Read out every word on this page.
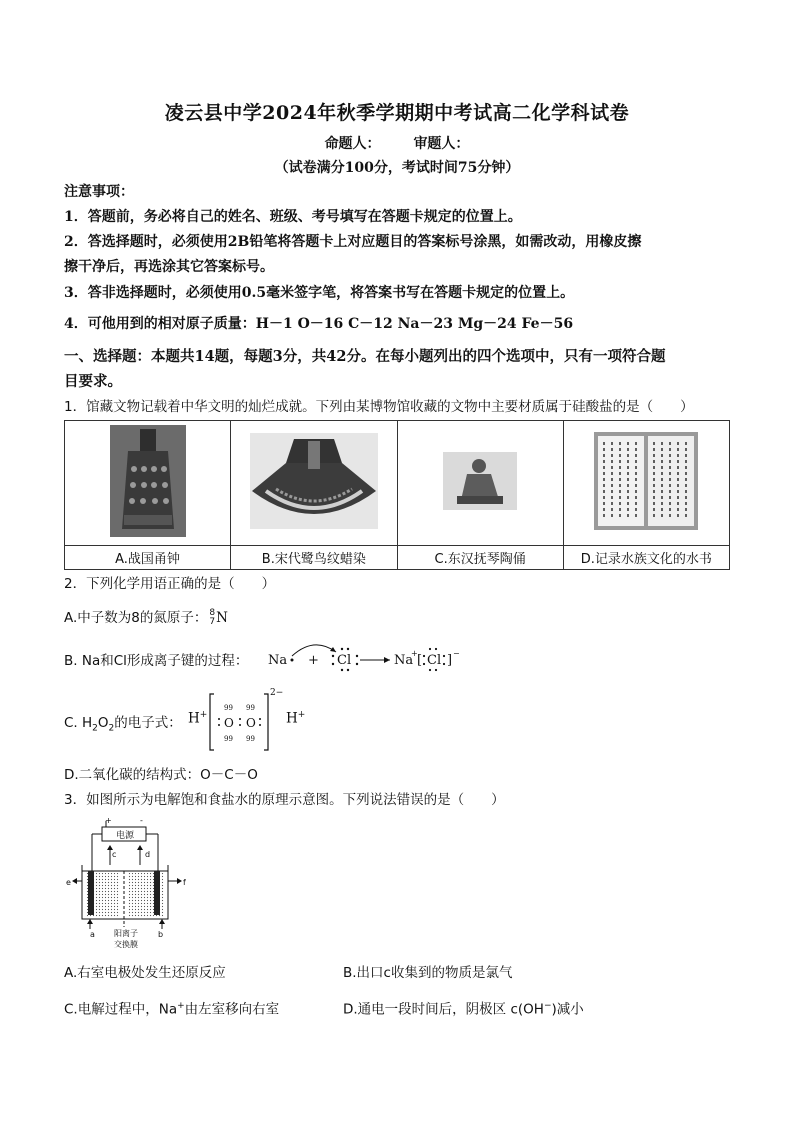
凌云县中学2024年秋季学期期中考试高二化学科试卷
命题人： 审题人：
（试卷满分100分，考试时间75分钟）
注意事项：
1．答题前，务必将自己的姓名、班级、考号填写在答题卡规定的位置上。
2．答选择题时，必须使用2B铅笔将答题卡上对应题目的答案标号涂黑，如需改动，用橡皮擦
擦干净后，再选涂其它答案标号。
3．答非选择题时，必须使用0.5毫米签字笔，将答案书写在答题卡规定的位置上。
4．可他用到的相对原子质量：H－1 O－16 C－12 Na－23 Mg－24 Fe－56
一、选择题：本题共14题，每题3分，共42分。在每小题列出的四个选项中，只有一项符合题
目要求。
1．馆藏文物记载着中华文明的灿烂成就。下列由某博物馆收藏的文物中主要材质属于硅酸盐的是（　　）

A.战国甬钟	B.宋代鹭鸟纹蜡染	C.东汉抚琴陶俑	D.记录水族文化的水书
2．下列化学用语正确的是（　　）
A.中子数为8的氮原子： 8
7 N
B. Na和Cl形成离子键的过程： Na + Cl	Na
+ [ Cl ] −
C. $H_2O_2$的电子式： H+
O O
99 99
99 99
2−
H+
D.二氧化碳的结构式：O－C－O
3．如图所示为电解饱和食盐水的原理示意图。下列说法错误的是（　　）
+	-
电源
c	d
e	f
a	b
阳离子
交换膜
A.右室电极处发生还原反应	B.出口c收集到的物质是氯气
C.电解过程中，Na+由左室移向右室	D.通电一段时间后，阴极区 c(OH−)减小
